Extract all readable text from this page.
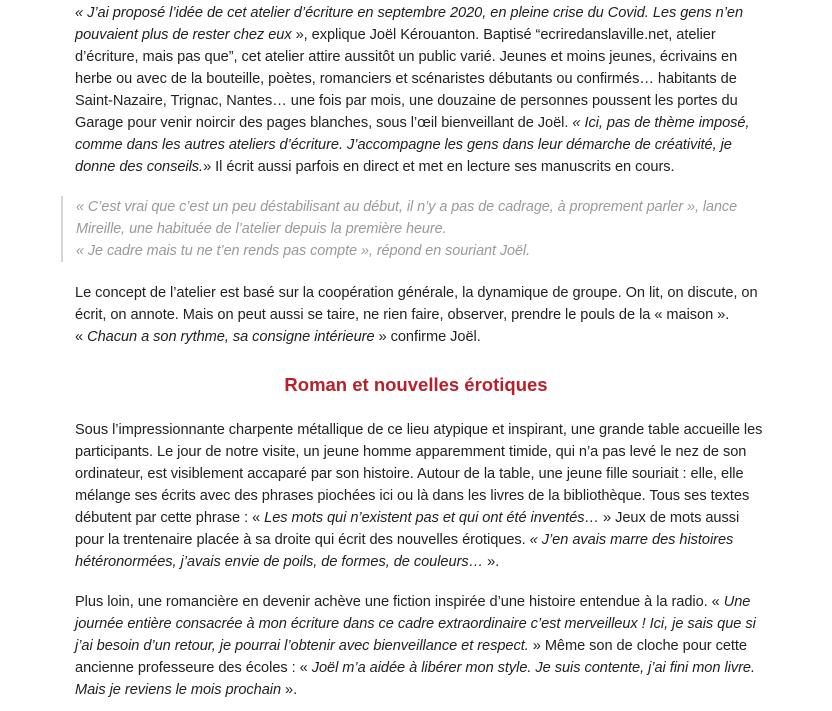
« J’ai proposé l’idée de cet atelier d’écriture en septembre 2020, en pleine crise du Covid. Les gens n’en pouvaient plus de rester chez eux », explique Joël Kérouanton. Baptisé “ecriredanslaville.net, atelier d’écriture, mais pas que”, cet atelier attire aussitôt un public varié. Jeunes et moins jeunes, écrivains en herbe ou avec de la bouteille, poètes, romanciers et scénaristes débutants ou confirmés… habitants de Saint-Nazaire, Trignac, Nantes… une fois par mois, une douzaine de personnes poussent les portes du Garage pour venir noircir des pages blanches, sous l’œil bienveillant de Joël. « Ici, pas de thème imposé, comme dans les autres ateliers d’écriture. J’accompagne les gens dans leur démarche de créativité, je donne des conseils.» Il écrit aussi parfois en direct et met en lecture ses manuscrits en cours.

« C’est vrai que c’est un peu déstabilisant au début, il n’y a pas de cadrage, à proprement parler », lance Mireille, une habituée de l’atelier depuis la première heure.

« Je cadre mais tu ne t’en rends pas compte », répond en souriant Joël.

Le concept de l’atelier est basé sur la coopération générale, la dynamique de groupe. On lit, on discute, on écrit, on annote. Mais on peut aussi se taire, ne rien faire, observer, prendre le pouls de la « maison ».
« Chacun a son rythme, sa consigne intérieure » confirme Joël.

Roman et nouvelles érotiques

Sous l’impressionnante charpente métallique de ce lieu atypique et inspirant, une grande table accueille les participants. Le jour de notre visite, un jeune homme apparemment timide, qui n’a pas levé le nez de son ordinateur, est visiblement accaparé par son histoire. Autour de la table, une jeune fille souriait : elle, elle mélange ses écrits avec des phrases piochées ici ou là dans les livres de la bibliothèque. Tous ses textes débutent par cette phrase : « Les mots qui n’existent pas et qui ont été inventés… » Jeux de mots aussi pour la trentenaire placée à sa droite qui écrit des nouvelles érotiques. « J’en avais marre des histoires hétéronormées, j’avais envie de poils, de formes, de couleurs… ».

Plus loin, une romancière en devenir achève une fiction inspirée d’une histoire entendue à la radio. « Une journée entière consacrée à mon écriture dans ce cadre extraordinaire c’est merveilleux ! Ici, je sais que si j’ai besoin d’un retour, je pourrai l’obtenir avec bienveillance et respect. » Même son de cloche pour cette ancienne professeure des écoles : « Joël m’a aidée à libérer mon style. Je suis contente, j’ai fini mon livre. Mais je reviens le mois prochain ».
